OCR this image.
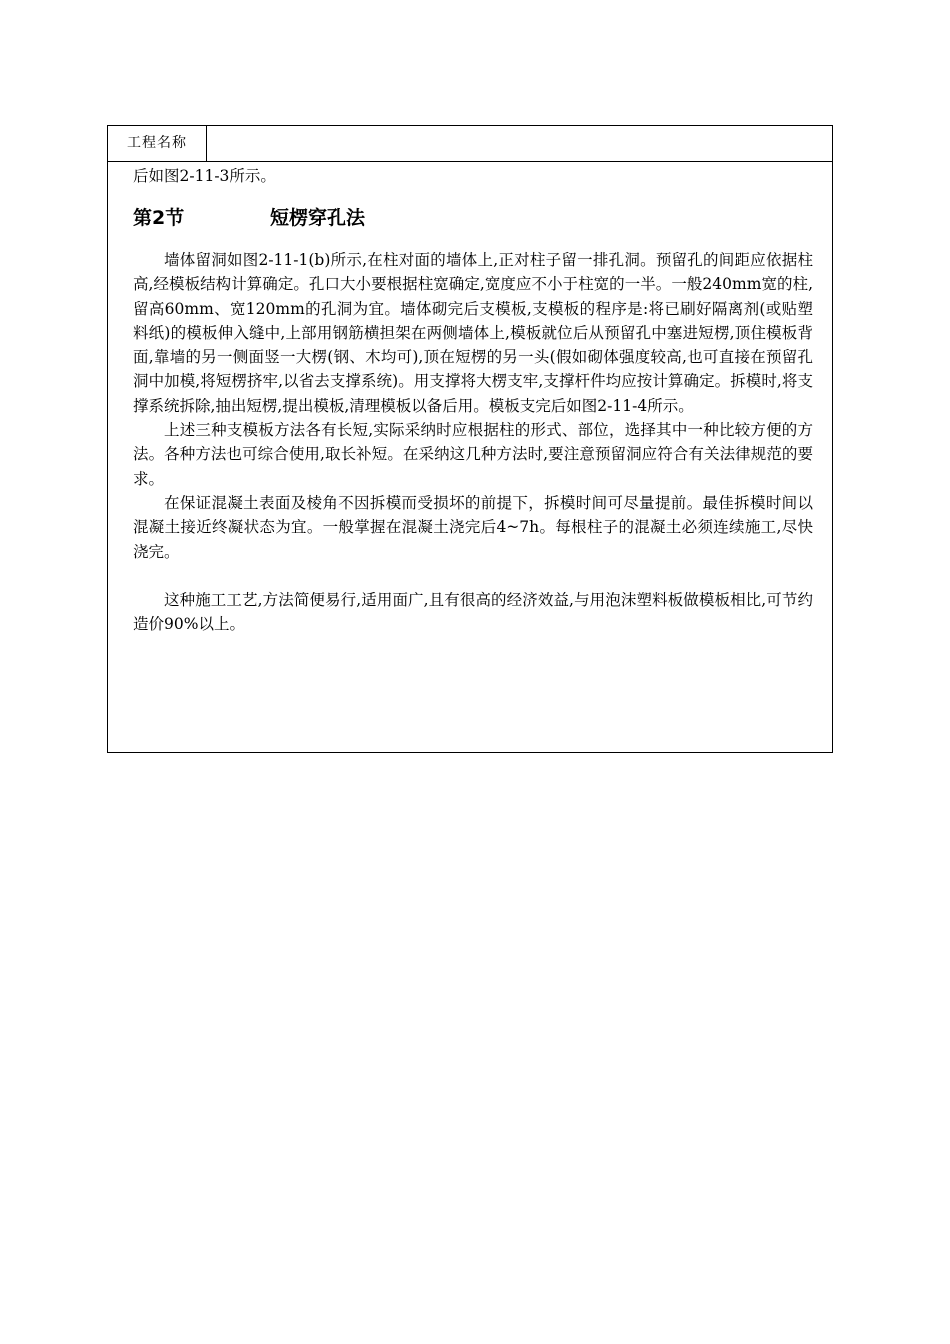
工程名称

后如图2-11-3所示。

第2节	短楞穿孔法

墙体留洞如图2-11-1(b)所示,在柱对面的墙体上,正对柱子留一排孔洞。预留孔的间距应依据柱高,经模板结构计算确定。孔口大小要根据柱宽确定,宽度应不小于柱宽的一半。一般240mm宽的柱,留高60mm、宽120mm的孔洞为宜。墙体砌完后支模板,支模板的程序是:将已刷好隔离剂(或贴塑料纸)的模板伸入缝中,上部用钢筋横担架在两侧墙体上,模板就位后从预留孔中塞进短楞,顶住模板背面,靠墙的另一侧面竖一大楞(钢、木均可),顶在短楞的另一头(假如砌体强度较高,也可直接在预留孔洞中加模,将短楞挤牢,以省去支撑系统)。用支撑将大楞支牢,支撑杆件均应按计算确定。拆模时,将支撑系统拆除,抽出短楞,提出模板,清理模板以备后用。模板支完后如图2-11-4所示。

上述三种支模板方法各有长短,实际采纳时应根据柱的形式、部位，选择其中一种比较方便的方法。各种方法也可综合使用,取长补短。在采纳这几种方法时,要注意预留洞应符合有关法律规范的要求。

在保证混凝土表面及棱角不因拆模而受损坏的前提下，拆模时间可尽量提前。最佳拆模时间以混凝土接近终凝状态为宜。一般掌握在混凝土浇完后4~7h。每根柱子的混凝土必须连续施工,尽快浇完。

这种施工工艺,方法简便易行,适用面广,且有很高的经济效益,与用泡沫塑料板做模板相比,可节约造价90%以上。
